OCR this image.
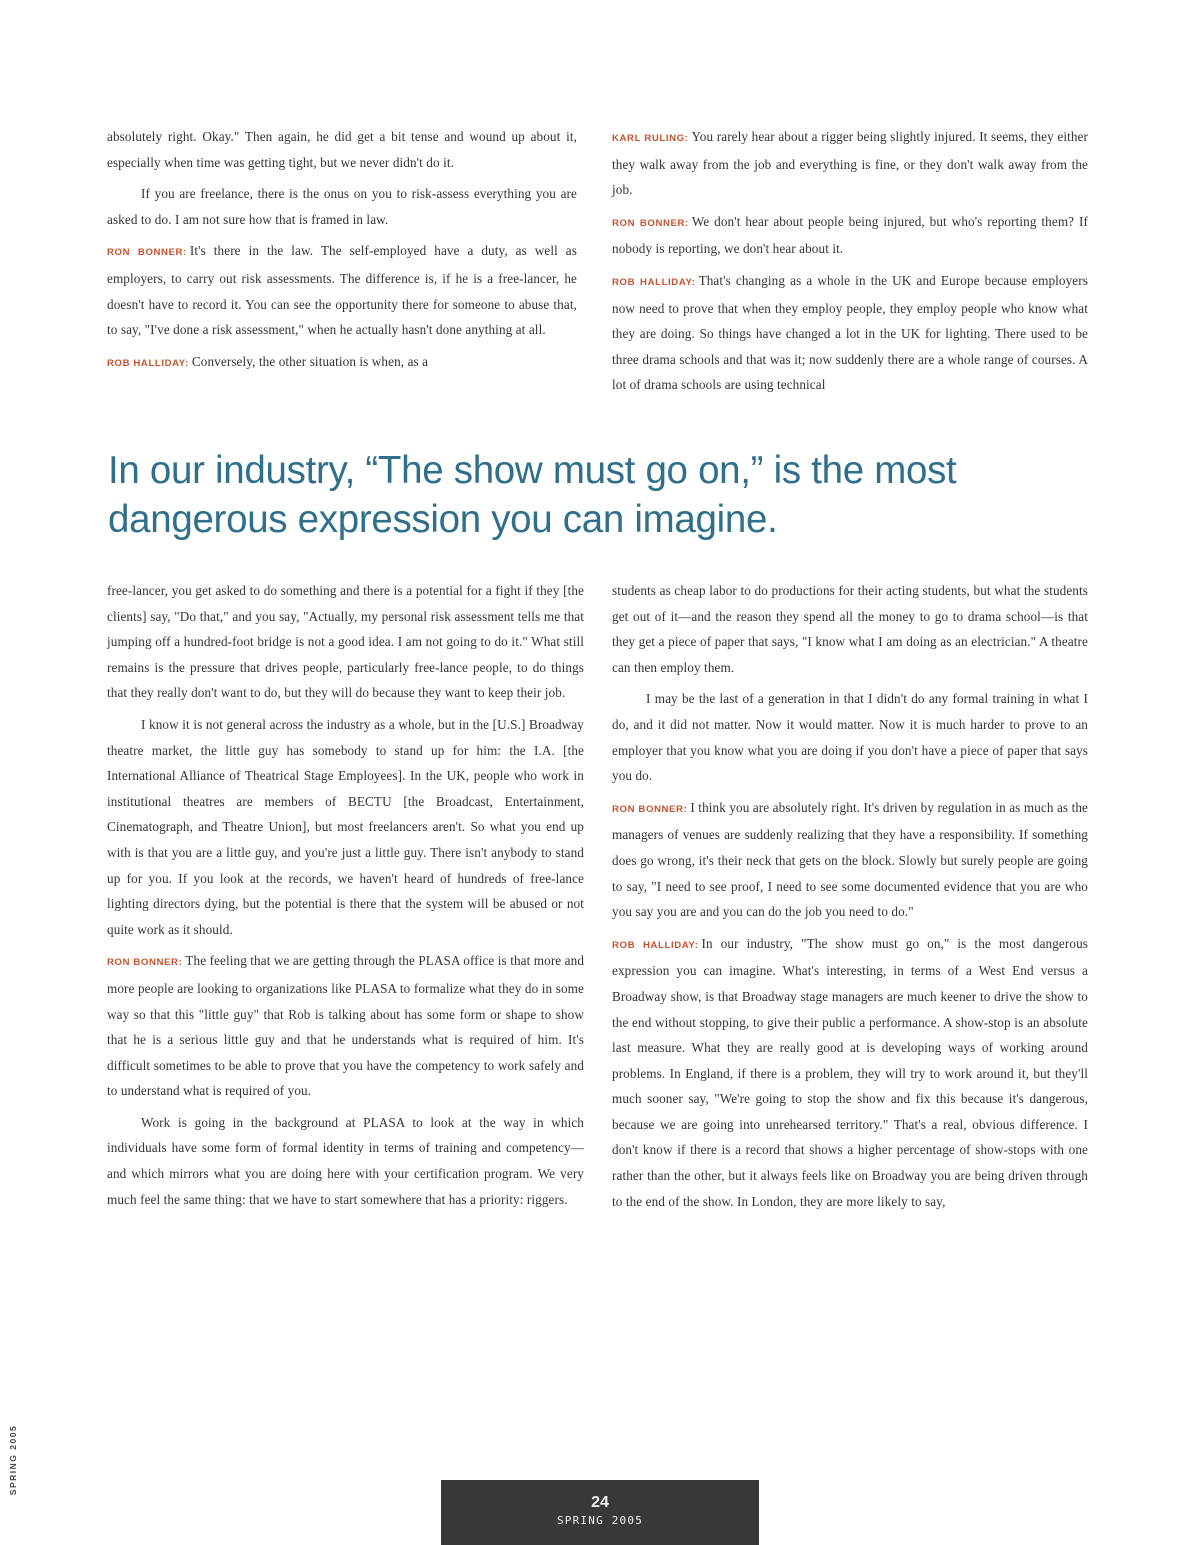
absolutely right. Okay." Then again, he did get a bit tense and wound up about it, especially when time was getting tight, but we never didn't do it.

If you are freelance, there is the onus on you to risk-assess everything you are asked to do. I am not sure how that is framed in law.

RON BONNER: It's there in the law. The self-employed have a duty, as well as employers, to carry out risk assessments. The difference is, if he is a free-lancer, he doesn't have to record it. You can see the opportunity there for someone to abuse that, to say, "I've done a risk assessment," when he actually hasn't done anything at all.

ROB HALLIDAY: Conversely, the other situation is when, as a

KARL RULING: You rarely hear about a rigger being slightly injured. It seems, they either they walk away from the job and everything is fine, or they don't walk away from the job.

RON BONNER: We don't hear about people being injured, but who's reporting them? If nobody is reporting, we don't hear about it.

ROB HALLIDAY: That's changing as a whole in the UK and Europe because employers now need to prove that when they employ people, they employ people who know what they are doing. So things have changed a lot in the UK for lighting. There used to be three drama schools and that was it; now suddenly there are a whole range of courses. A lot of drama schools are using technical

In our industry, “The show must go on,” is the most
dangerous expression you can imagine.

free-lancer, you get asked to do something and there is a potential for a fight if they [the clients] say, "Do that," and you say, "Actually, my personal risk assessment tells me that jumping off a hundred-foot bridge is not a good idea. I am not going to do it." What still remains is the pressure that drives people, particularly free-lance people, to do things that they really don't want to do, but they will do because they want to keep their job.

I know it is not general across the industry as a whole, but in the [U.S.] Broadway theatre market, the little guy has somebody to stand up for him: the I.A. [the International Alliance of Theatrical Stage Employees]. In the UK, people who work in institutional theatres are members of BECTU [the Broadcast, Entertainment, Cinematograph, and Theatre Union], but most freelancers aren't. So what you end up with is that you are a little guy, and you're just a little guy. There isn't anybody to stand up for you. If you look at the records, we haven't heard of hundreds of free-lance lighting directors dying, but the potential is there that the system will be abused or not quite work as it should.

RON BONNER: The feeling that we are getting through the PLASA office is that more and more people are looking to organizations like PLASA to formalize what they do in some way so that this "little guy" that Rob is talking about has some form or shape to show that he is a serious little guy and that he understands what is required of him. It's difficult sometimes to be able to prove that you have the competency to work safely and to understand what is required of you.

Work is going in the background at PLASA to look at the way in which individuals have some form of formal identity in terms of training and competency—and which mirrors what you are doing here with your certification program. We very much feel the same thing: that we have to start somewhere that has a priority: riggers.

students as cheap labor to do productions for their acting students, but what the students get out of it—and the reason they spend all the money to go to drama school—is that they get a piece of paper that says, "I know what I am doing as an electrician." A theatre can then employ them.

I may be the last of a generation in that I didn't do any formal training in what I do, and it did not matter. Now it would matter. Now it is much harder to prove to an employer that you know what you are doing if you don't have a piece of paper that says you do.

RON BONNER: I think you are absolutely right. It's driven by regulation in as much as the managers of venues are suddenly realizing that they have a responsibility. If something does go wrong, it's their neck that gets on the block. Slowly but surely people are going to say, "I need to see proof, I need to see some documented evidence that you are who you say you are and you can do the job you need to do."

ROB HALLIDAY: In our industry, "The show must go on," is the most dangerous expression you can imagine. What's interesting, in terms of a West End versus a Broadway show, is that Broadway stage managers are much keener to drive the show to the end without stopping, to give their public a performance. A show-stop is an absolute last measure. What they are really good at is developing ways of working around problems. In England, if there is a problem, they will try to work around it, but they'll much sooner say, "We're going to stop the show and fix this because it's dangerous, because we are going into unrehearsed territory." That's a real, obvious difference. I don't know if there is a record that shows a higher percentage of show-stops with one rather than the other, but it always feels like on Broadway you are being driven through to the end of the show. In London, they are more likely to say,

SPRING 2005
24
SPRING 2005
